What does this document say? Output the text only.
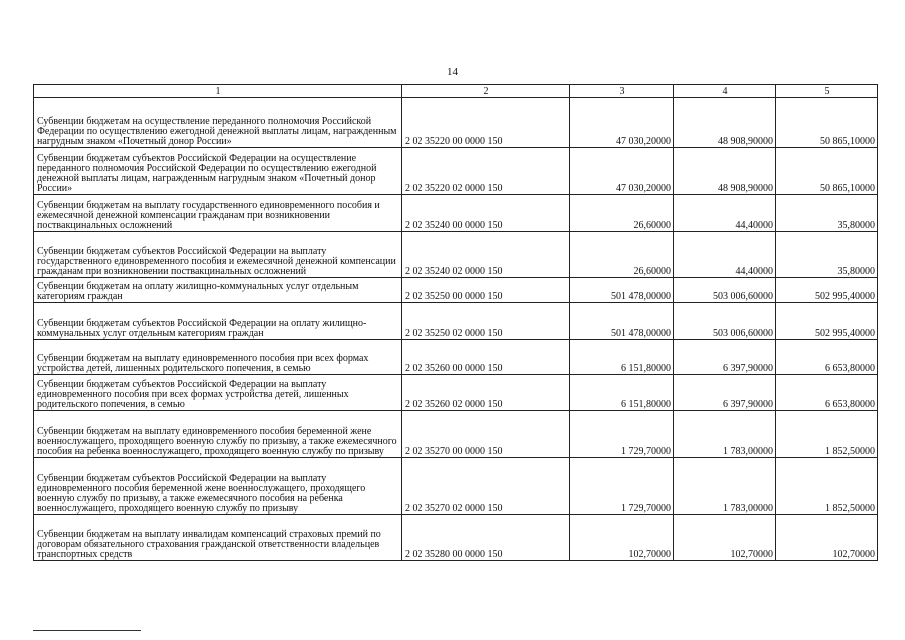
14
1	2	3	4	5
Субвенции бюджетам на осуществление переданного полномочия Российской Федерации по осуществлению ежегодной денежной выплаты лицам, награжденным нагрудным знаком «Почетный донор России»	2 02 35220 00 0000 150	47 030,20000	48 908,90000	50 865,10000
Субвенции бюджетам субъектов Российской Федерации на осуществление переданного полномочия Российской Федерации по осуществлению ежегодной денежной выплаты лицам, награжденным нагрудным знаком «Почетный донор России»	2 02 35220 02 0000 150	47 030,20000	48 908,90000	50 865,10000
Субвенции бюджетам на выплату государственного единовременного пособия и ежемесячной денежной компенсации гражданам при возникновении поствакцинальных осложнений	2 02 35240 00 0000 150	26,60000	44,40000	35,80000
Субвенции бюджетам субъектов Российской Федерации на выплату государственного единовременного пособия и ежемесячной денежной компенсации гражданам при возникновении поствакцинальных осложнений	2 02 35240 02 0000 150	26,60000	44,40000	35,80000
Субвенции бюджетам на оплату жилищно-коммунальных услуг отдельным категориям граждан	2 02 35250 00 0000 150	501 478,00000	503 006,60000	502 995,40000
Субвенции бюджетам субъектов Российской Федерации на оплату жилищно-коммунальных услуг отдельным категориям граждан	2 02 35250 02 0000 150	501 478,00000	503 006,60000	502 995,40000
Субвенции бюджетам на выплату единовременного пособия при всех формах устройства детей, лишенных родительского попечения, в семью	2 02 35260 00 0000 150	6 151,80000	6 397,90000	6 653,80000
Субвенции бюджетам субъектов Российской Федерации на выплату единовременного пособия при всех формах устройства детей, лишенных родительского попечения, в семью	2 02 35260 02 0000 150	6 151,80000	6 397,90000	6 653,80000
Субвенции бюджетам на выплату единовременного пособия беременной жене военнослужащего, проходящего военную службу по призыву, а также ежемесячного пособия на ребенка военнослужащего, проходящего военную службу по призыву	2 02 35270 00 0000 150	1 729,70000	1 783,00000	1 852,50000
Субвенции бюджетам субъектов Российской Федерации на выплату единовременного пособия беременной жене военнослужащего, проходящего военную службу по призыву, а также ежемесячного пособия на ребенка военнослужащего, проходящего военную службу по призыву	2 02 35270 02 0000 150	1 729,70000	1 783,00000	1 852,50000
Субвенции бюджетам на выплату инвалидам компенсаций страховых премий по договорам обязательного страхования гражданской ответственности владельцев транспортных средств	2 02 35280 00 0000 150	102,70000	102,70000	102,70000
